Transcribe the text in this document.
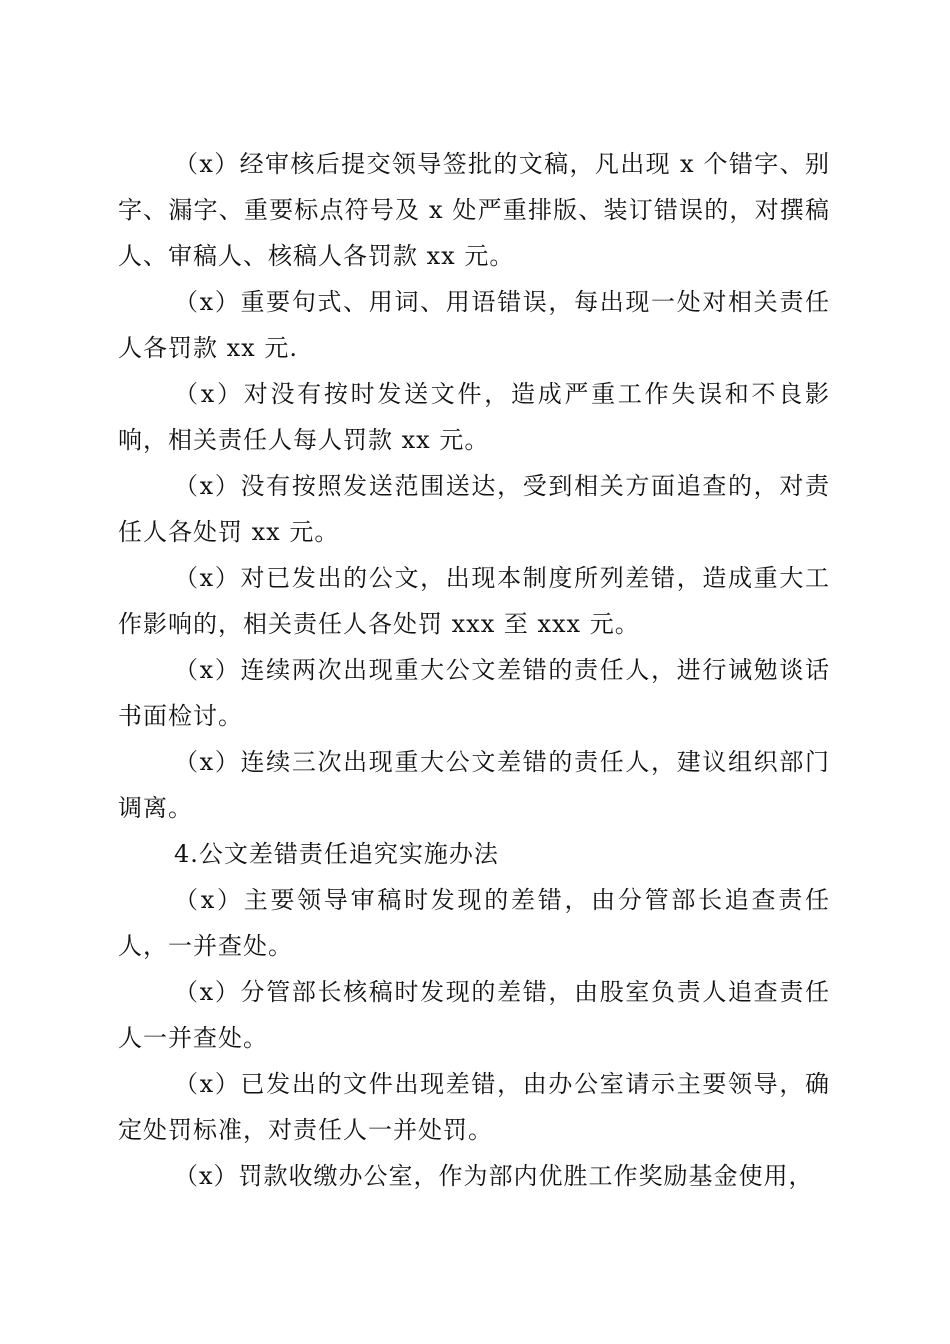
（x）经审核后提交领导签批的文稿，凡出现 x 个错字、别字、漏字、重要标点符号及 x 处严重排版、装订错误的，对撰稿人、审稿人、核稿人各罚款 xx 元。

（x）重要句式、用词、用语错误，每出现一处对相关责任人各罚款 xx 元.

（x）对没有按时发送文件，造成严重工作失误和不良影响，相关责任人每人罚款 xx 元。

（x）没有按照发送范围送达，受到相关方面追查的，对责任人各处罚 xx 元。

（x）对已发出的公文，出现本制度所列差错，造成重大工作影响的，相关责任人各处罚 xxx 至 xxx 元。

（x）连续两次出现重大公文差错的责任人，进行诫勉谈话书面检讨。

（x）连续三次出现重大公文差错的责任人，建议组织部门调离。

4.公文差错责任追究实施办法

（x）主要领导审稿时发现的差错，由分管部长追查责任人，一并查处。

（x）分管部长核稿时发现的差错，由股室负责人追查责任人一并查处。

（x）已发出的文件出现差错，由办公室请示主要领导，确定处罚标准，对责任人一并处罚。

（x）罚款收缴办公室，作为部内优胜工作奖励基金使用，
